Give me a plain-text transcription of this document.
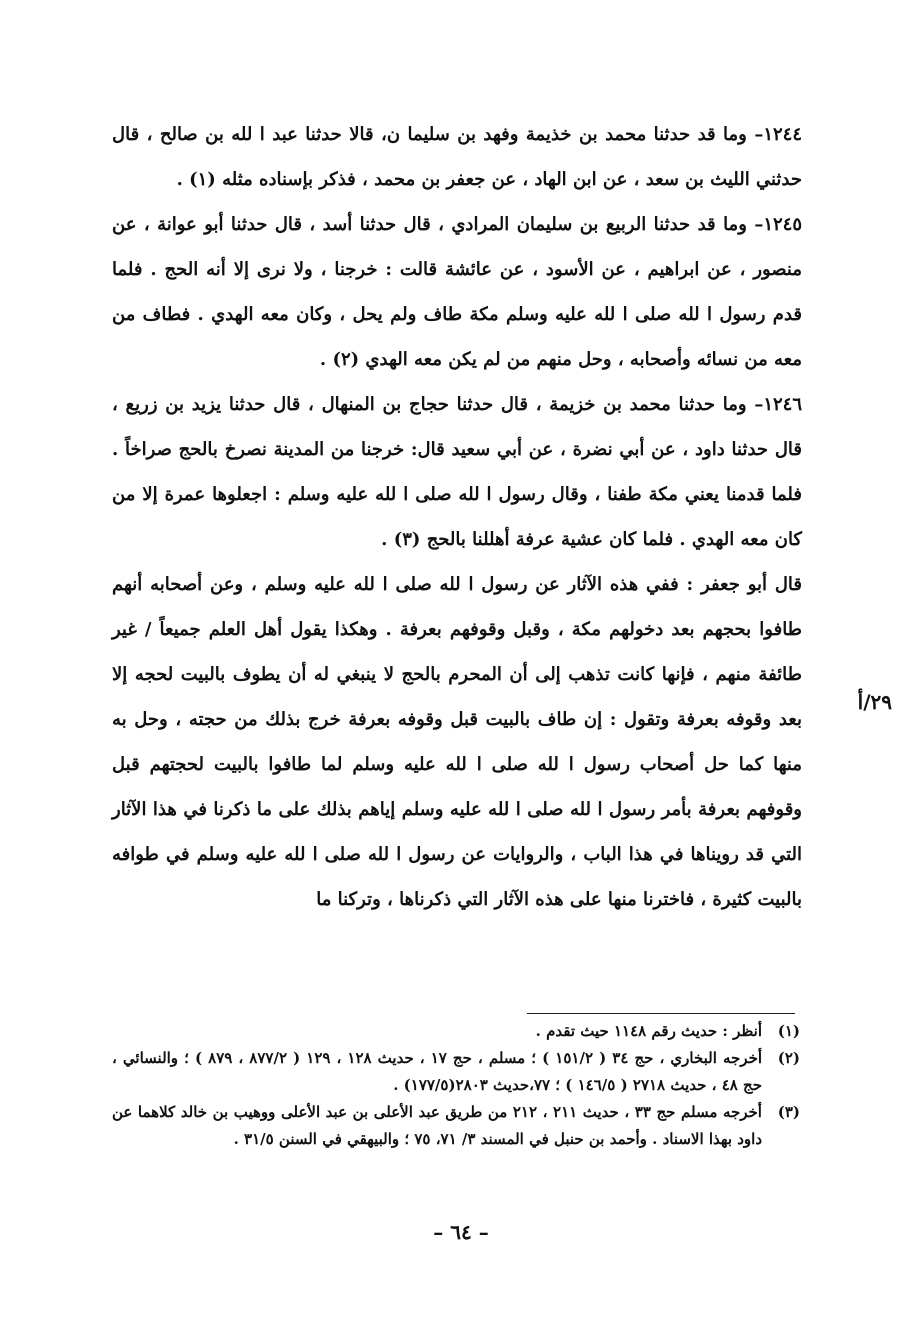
١٢٤٤– وما قد حدثنا محمد بن خذيمة وفهد بن سليما ن، قالا حدثنا عبد ا لله بن صالح ، قال حدثني الليث بن سعد ، عن ابن الهاد ، عن جعفر بن محمد ، فذكر بإسناده مثله (١) .

١٢٤٥– وما قد حدثنا الربيع بن سليمان المرادي ، قال حدثنا أسد ، قال حدثنا أبو عوانة ، عن منصور ، عن ابراهيم ، عن الأسود ، عن عائشة قالت : خرجنا ، ولا نرى إلا أنه الحج . فلما قدم رسول ا لله صلى ا لله عليه وسلم مكة طاف ولم يحل ، وكان معه الهدي . فطاف من معه من نسائه وأصحابه ، وحل منهم من لم يكن معه الهدي (٢) .

١٢٤٦– وما حدثنا محمد بن خزيمة ، قال حدثنا حجاج بن المنهال ، قال حدثنا يزيد بن زريع ، قال حدثنا داود ، عن أبي نضرة ، عن أبي سعيد قال: خرجنا من المدينة نصرخ بالحج صراخاً . فلما قدمنا يعني مكة طفنا ، وقال رسول ا لله صلى ا لله عليه وسلم : اجعلوها عمرة إلا من كان معه الهدي . فلما كان عشية عرفة أهللنا بالحج (٣) .

قال أبو جعفر : ففي هذه الآثار عن رسول ا لله صلى ا لله عليه وسلم ، وعن أصحابه أنهم طافوا بحجهم بعد دخولهم مكة ، وقبل وقوفهم بعرفة . وهكذا يقول أهل العلم جميعاً / غير طائفة منهم ، فإنها كانت تذهب إلى أن المحرم بالحج لا ينبغي له أن يطوف بالبيت لحجه إلا بعد وقوفه بعرفة وتقول : إن طاف بالبيت قبل وقوفه بعرفة خرج بذلك من حجته ، وحل به منها كما حل أصحاب رسول ا لله صلى ا لله عليه وسلم لما طافوا بالبيت لحجتهم قبل وقوفهم بعرفة بأمر رسول ا لله صلى ا لله عليه وسلم إياهم بذلك على ما ذكرنا في هذا الآثار التي قد رويناها في هذا الباب ، والروايات عن رسول ا لله صلى ا لله عليه وسلم في طوافه بالبيت كثيرة ، فاخترنا منها على هذه الآثار التي ذكرناها ، وتركنا ما

٢٩/أ
(١)
أنظر : حديث رقم ١١٤٨ حيث تقدم .
(٢)
أخرجه البخاري ، حج ٣٤ ( ١٥١/٢ ) ؛ مسلم ، حج ١٧ ، حديث ١٢٨ ، ١٢٩ ( ٨٧٧/٢ ، ٨٧٩ ) ؛ والنسائي ، حج ٤٨ ، حديث ٢٧١٨ ( ١٤٦/٥ ) ؛ ٧٧،حديث ٢٨٠٣(١٧٧/٥) .
(٣)
أخرجه مسلم حج ٣٣ ، حديث ٢١١ ، ٢١٢ من طريق عبد الأعلى بن عبد الأعلى ووهيب بن خالد كلاهما عن داود بهذا الاسناد . وأحمد بن حنبل في المسند ٣/ ٧١، ٧٥ ؛ والبيهقي في السنن ٣١/٥ .
– ٦٤ –
